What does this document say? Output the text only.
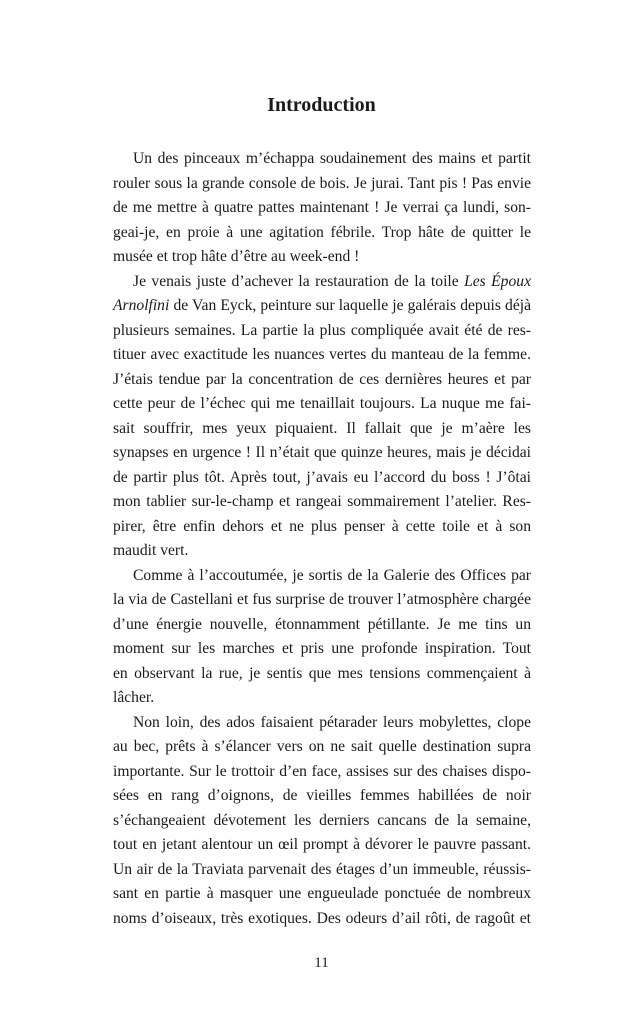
Introduction
Un des pinceaux m’échappa soudainement des mains et partit
rouler sous la grande console de bois. Je jurai. Tant pis ! Pas envie
de me mettre à quatre pattes maintenant ! Je verrai ça lundi, son-
geai-je, en proie à une agitation fébrile. Trop hâte de quitter le
musée et trop hâte d’être au week-end !
Je venais juste d’achever la restauration de la toile Les Époux
Arnolfini de Van Eyck, peinture sur laquelle je galérais depuis déjà
plusieurs semaines. La partie la plus compliquée avait été de res-
tituer avec exactitude les nuances vertes du manteau de la femme.
J’étais tendue par la concentration de ces dernières heures et par
cette peur de l’échec qui me tenaillait toujours. La nuque me fai-
sait souffrir, mes yeux piquaient. Il fallait que je m’aère les
synapses en urgence ! Il n’était que quinze heures, mais je décidai
de partir plus tôt. Après tout, j’avais eu l’accord du boss ! J’ôtai
mon tablier sur-le-champ et rangeai sommairement l’atelier. Res-
pirer, être enfin dehors et ne plus penser à cette toile et à son
maudit vert.
Comme à l’accoutumée, je sortis de la Galerie des Offices par
la via de Castellani et fus surprise de trouver l’atmosphère chargée
d’une énergie nouvelle, étonnamment pétillante. Je me tins un
moment sur les marches et pris une profonde inspiration. Tout
en observant la rue, je sentis que mes tensions commençaient à
lâcher.
Non loin, des ados faisaient pétarader leurs mobylettes, clope
au bec, prêts à s’élancer vers on ne sait quelle destination supra
importante. Sur le trottoir d’en face, assises sur des chaises dispo-
sées en rang d’oignons, de vieilles femmes habillées de noir
s’échangeaient dévotement les derniers cancans de la semaine,
tout en jetant alentour un œil prompt à dévorer le pauvre passant.
Un air de la Traviata parvenait des étages d’un immeuble, réussis-
sant en partie à masquer une engueulade ponctuée de nombreux
noms d’oiseaux, très exotiques. Des odeurs d’ail rôti, de ragoût et
11
